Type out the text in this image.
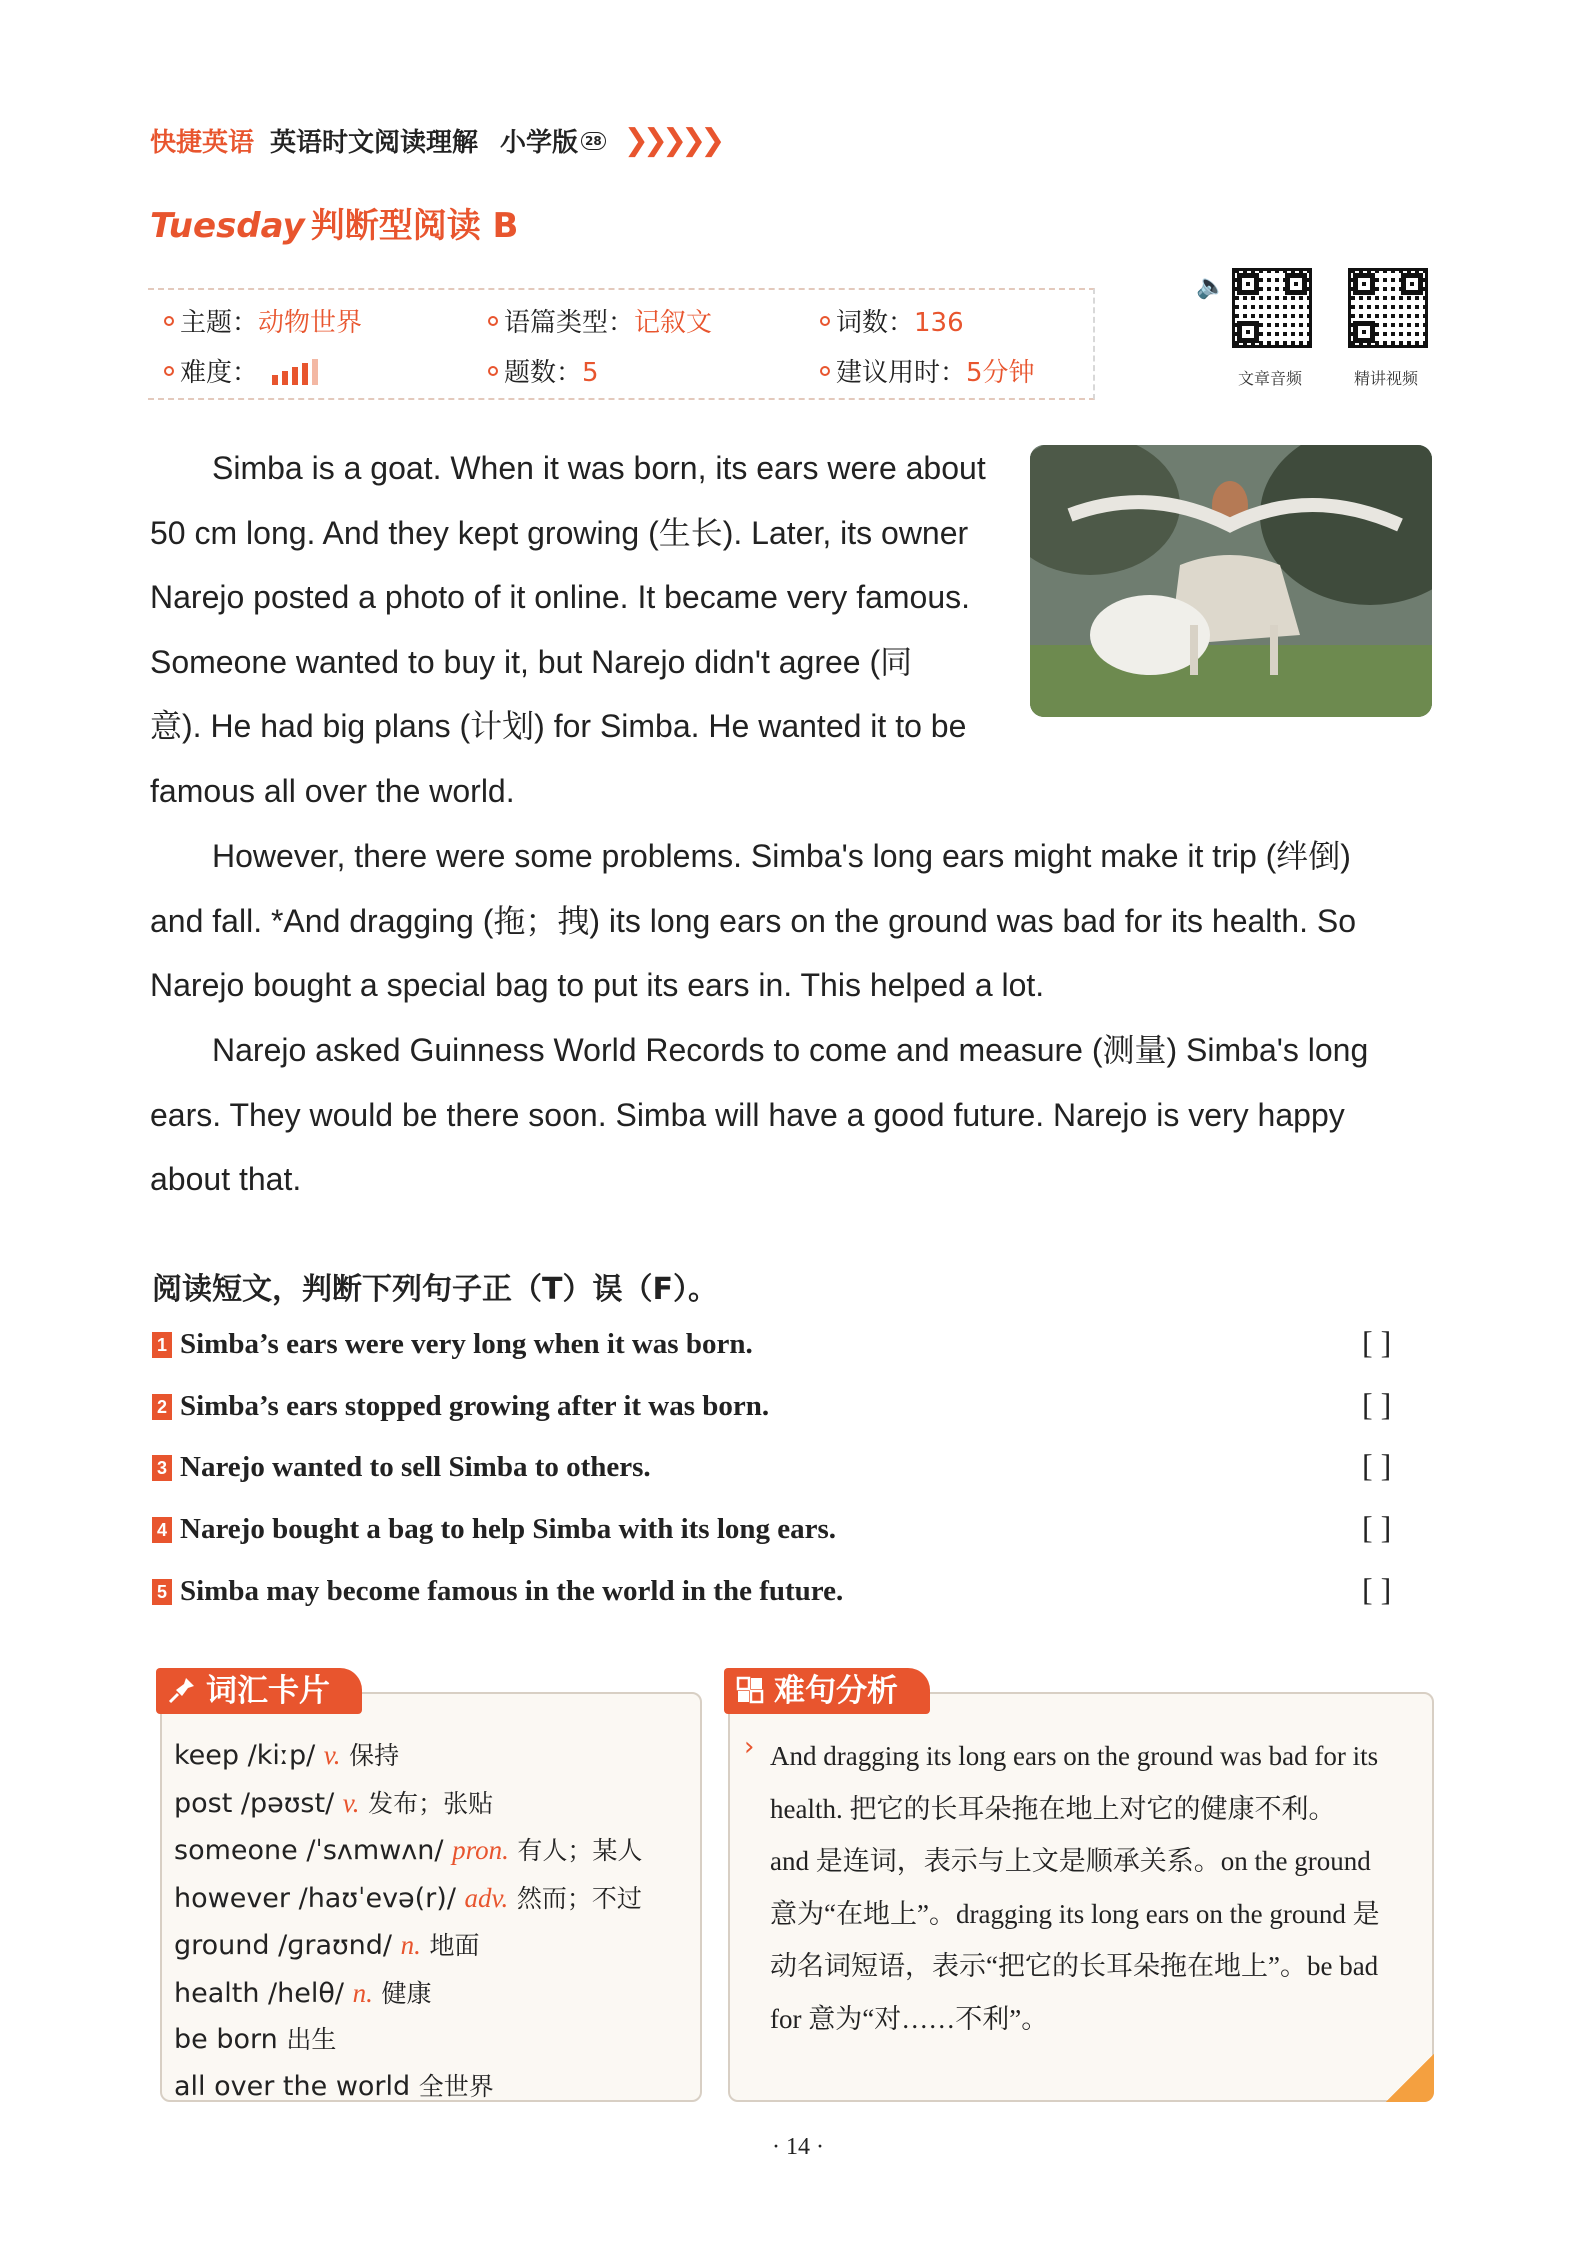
快捷英语 英语时文阅读理解 小学版 28 ❯❯❯❯❯
Tuesday 判断型阅读 B
主题：动物世界	语篇类型：记叙文	词数：136
难度：	题数：5	建议用时：5分钟
🔈
文章音频	精讲视频
Simba is a goat. When it was born, its ears were about
50 cm long. And they kept growing (生长). Later, its owner
Narejo posted a photo of it online. It became very famous.
Someone wanted to buy it, but Narejo didn't agree (同
意). He had big plans (计划) for Simba. He wanted it to be
famous all over the world.
However, there were some problems. Simba's long ears might make it trip (绊倒)
and fall. *And dragging (拖；拽) its long ears on the ground was bad for its health. So
Narejo bought a special bag to put its ears in. This helped a lot.
Narejo asked Guinness World Records to come and measure (测量) Simba's long
ears. They would be there soon. Simba will have a good future. Narejo is very happy
about that.
阅读短文，判断下列句子正（T）误（F）。
1 Simba’s ears were very long when it was born.	[ ]
2 Simba’s ears stopped growing after it was born.	[ ]
3 Narejo wanted to sell Simba to others.	[ ]
4 Narejo bought a bag to help Simba with its long ears.	[ ]
5 Simba may become famous in the world in the future.	[ ]
词汇卡片
keep /kiːp/ v. 保持
post /pəʊst/ v. 发布；张贴
someone /ˈsʌmwʌn/ pron. 有人；某人
however /haʊˈevə(r)/ adv. 然而；不过
ground /ɡraʊnd/ n. 地面
health /helθ/ n. 健康
be born 出生
all over the world 全世界
难句分析
› And dragging its long ears on the ground was bad for its
health. 把它的长耳朵拖在地上对它的健康不利。
and 是连词，表示与上文是顺承关系。on the ground
意为“在地上”。dragging its long ears on the ground 是
动名词短语，表示“把它的长耳朵拖在地上”。be bad
for 意为“对……不利”。
· 14 ·
